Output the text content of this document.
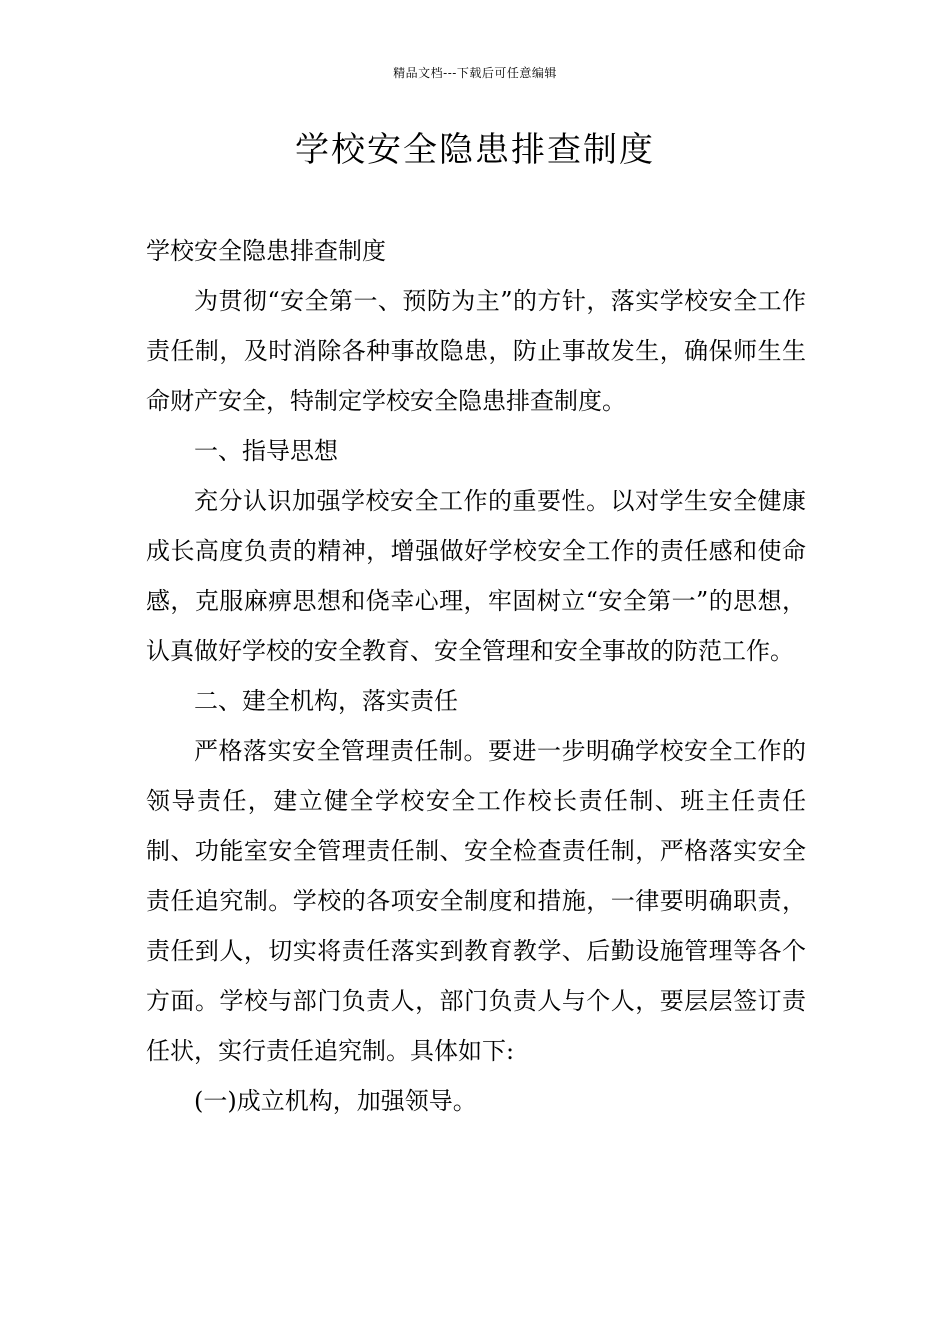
精品文档---下载后可任意编辑
学校安全隐患排查制度

学校安全隐患排查制度

为贯彻“安全第一、预防为主”的方针，落实学校安全工作责任制，及时消除各种事故隐患，防止事故发生，确保师生生命财产安全，特制定学校安全隐患排查制度。

一、指导思想

充分认识加强学校安全工作的重要性。以对学生安全健康成长高度负责的精神，增强做好学校安全工作的责任感和使命感，克服麻痹思想和侥幸心理，牢固树立“安全第一”的思想，认真做好学校的安全教育、安全管理和安全事故的防范工作。

二、建全机构，落实责任

严格落实安全管理责任制。要进一步明确学校安全工作的领导责任，建立健全学校安全工作校长责任制、班主任责任制、功能室安全管理责任制、安全检查责任制，严格落实安全责任追究制。学校的各项安全制度和措施，一律要明确职责，责任到人，切实将责任落实到教育教学、后勤设施管理等各个方面。学校与部门负责人，部门负责人与个人，要层层签订责任状，实行责任追究制。具体如下:

(一)成立机构，加强领导。
